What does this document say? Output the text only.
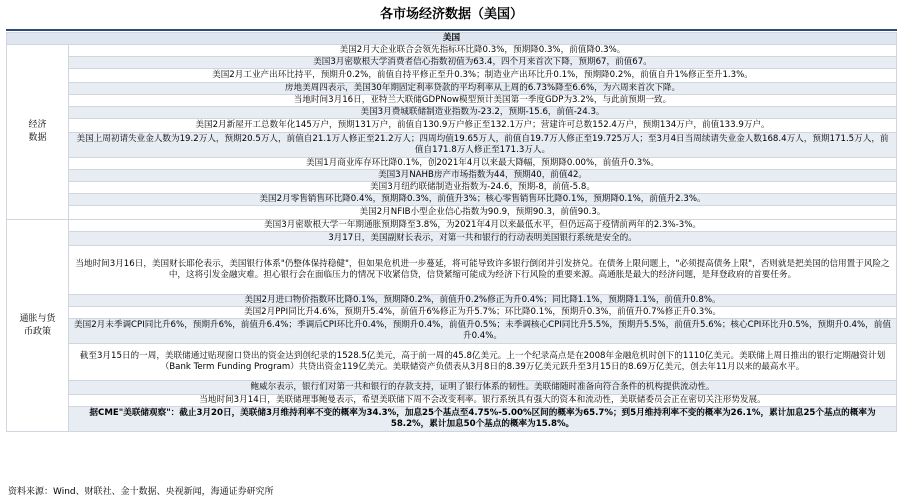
各市场经济数据（美国）
美国	
经济
数据	美国2月大企业联合会领先指标环比降0.3%，预期降0.3%，前值降0.3%。
	美国3月密歇根大学消费者信心指数初值为63.4，四个月来首次下降，预期67，前值67。
	美国2月工业产出环比持平，预期升0.2%，前值自持平修正至升0.3%；制造业产出环比升0.1%，预期降0.2%，前值自升1%修正至升1.3%。
	房地美周四表示，美国30年期固定利率贷款的平均利率从上周的6.73%降至6.6%，为六周来首次下降。
	当地时间3月16日，亚特兰大联储GDPNow模型预计美国第一季度GDP为3.2%，与此前预期一致。
	美国3月费城联储制造业指数为-23.2，预期-15.6，前值-24.3。
	美国2月新屋开工总数年化145万户，预期131万户，前值自130.9万户修正至132.1万户；营建许可总数152.4万户，预期134万户，前值133.9万户。
	美国上周初请失业金人数为19.2万人，预期20.5万人，前值自21.1万人修正至21.2万人；四周均值19.65万人，前值自19.7万人修正至19.725万人；至3月4日当周续请失业金人数168.4万人，预期171.5万人，前值自171.8万人修正至171.3万人。
	美国1月商业库存环比降0.1%，创2021年4月以来最大降幅，预期降0.00%，前值升0.3%。
	美国3月NAHB房产市场指数为44，预期40，前值42。
	美国3月纽约联储制造业指数为-24.6，预期-8，前值-5.8。
	美国2月零售销售环比降0.4%，预期降0.3%，前值升3%；核心零售销售环比降0.1%，预期降0.1%，前值升2.3%。
	美国2月NFIB小型企业信心指数为90.9，预期90.3，前值90.3。
通胀与货
币政策	美国3月密歇根大学一年期通胀预期降至3.8%，为2021年4月以来最低水平，但仍远高于疫情前两年的2.3%-3%。
	3月17日，美国副财长表示，对第一共和银行的行动表明美国银行系统是安全的。
	当地时间3月16日，美国财长耶伦表示，美国银行体系"仍整体保持稳健"，但如果危机进一步蔓延，将可能导致许多银行倒闭并引发挤兑。在债务上限问题上，"必须提高债务上限"，否则就是把美国的信用置于风险之中，这将引发金融灾难。担心银行会在面临压力的情况下收紧信贷，信贷紧缩可能成为经济下行风险的重要来源。高通胀是最大的经济问题，是拜登政府的首要任务。
	美国2月进口物价指数环比降0.1%，预期降0.2%，前值升0.2%修正为升0.4%；同比降1.1%，预期降1.1%，前值升0.8%。
	美国2月PPI同比升4.6%，预期升5.4%，前值升6%修正为升5.7%；环比降0.1%，预期升0.3%，前值升0.7%修正升0.3%。
	美国2月未季调CPI同比升6%，预期升6%，前值升6.4%；季调后CPI环比升0.4%，预期升0.4%，前值升0.5%；未季调核心CPI同比升5.5%，预期升5.5%，前值升5.6%；核心CPI环比升0.5%，预期升0.4%，前值升0.4%。
	截至3月15日的一周，美联储通过贴现窗口贷出的资金达到创纪录的1528.5亿美元，高于前一周的45.8亿美元。上一个纪录高点是在2008年金融危机时创下的1110亿美元。美联储上周日推出的银行定期融资计划（Bank Term Funding Program）共贷出资金119亿美元。美联储资产负债表从3月8日的8.39万亿美元跃升至3月15日的8.69万亿美元，创去年11月以来的最高水平。
	鲍威尔表示，银行们对第一共和银行的存款支持，证明了银行体系的韧性。美联储随时准备向符合条件的机构提供流动性。
	当地时间3月14日，美联储理事鲍曼表示，希望美联储下周不会改变利率。银行系统具有强大的资本和流动性，美联储委员会正在密切关注形势发展。
	据CME"美联储观察"：截止3月20日，美联储3月维持利率不变的概率为34.3%，加息25个基点至4.75%-5.00%区间的概率为65.7%；到5月维持利率不变的概率为26.1%，累计加息25个基点的概率为58.2%，累计加息50个基点的概率为15.8%。
资料来源：Wind、财联社、金十数据、央视新闻，海通证券研究所
